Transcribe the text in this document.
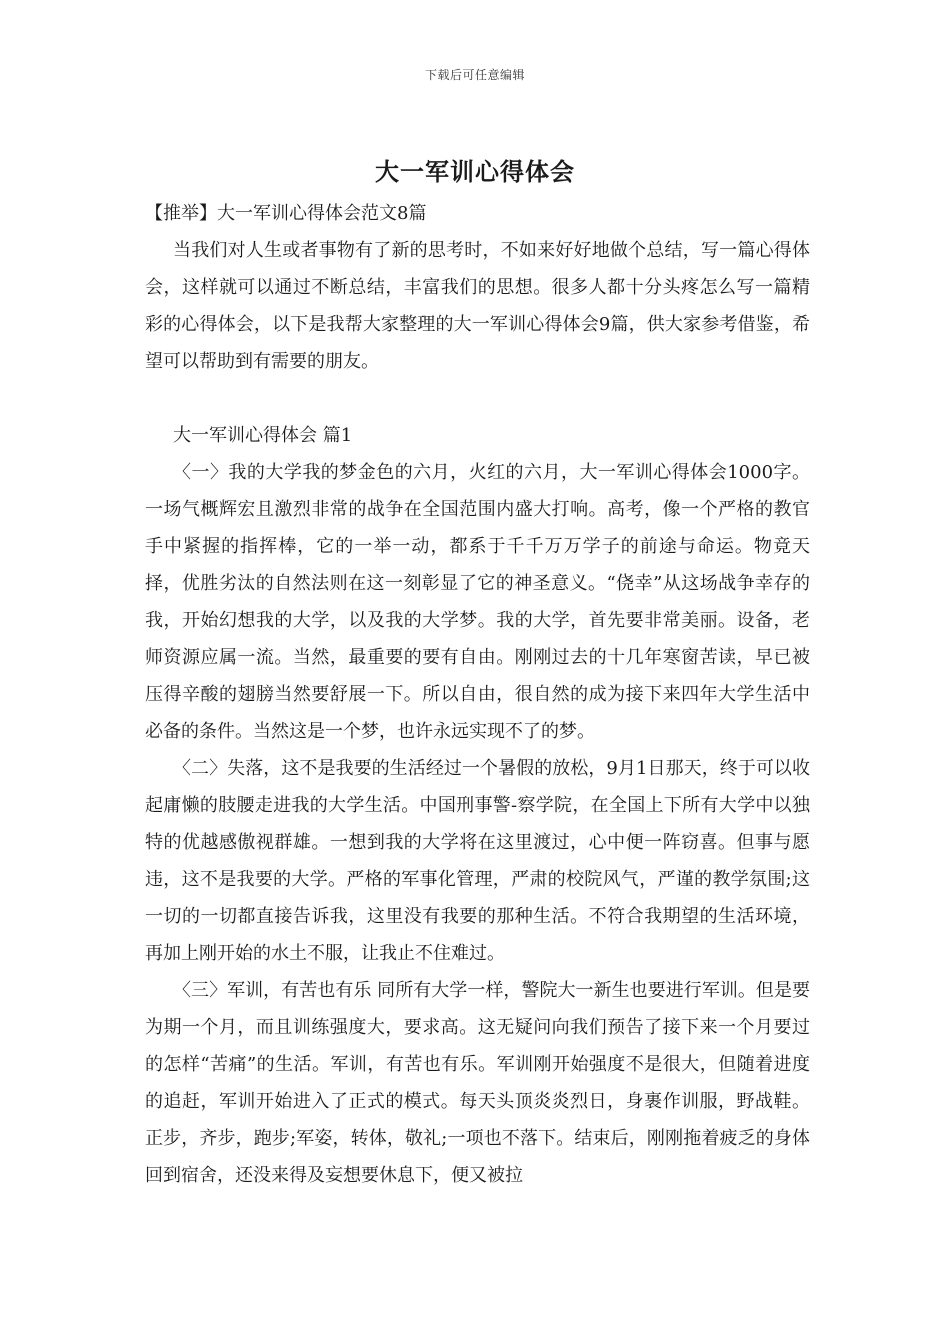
下载后可任意编辑
大一军训心得体会

【推举】大一军训心得体会范文8篇

当我们对人生或者事物有了新的思考时，不如来好好地做个总结，写一篇心得体会，这样就可以通过不断总结，丰富我们的思想。很多人都十分头疼怎么写一篇精彩的心得体会，以下是我帮大家整理的大一军训心得体会9篇，供大家参考借鉴，希望可以帮助到有需要的朋友。

大一军训心得体会 篇1

〈一〉我的大学我的梦金色的六月，火红的六月，大一军训心得体会1000字。一场气概辉宏且激烈非常的战争在全国范围内盛大打响。高考，像一个严格的教官手中紧握的指挥棒，它的一举一动，都系于千千万万学子的前途与命运。物竟天择，优胜劣汰的自然法则在这一刻彰显了它的神圣意义。“侥幸”从这场战争幸存的我，开始幻想我的大学，以及我的大学梦。我的大学，首先要非常美丽。设备，老师资源应属一流。当然，最重要的要有自由。刚刚过去的十几年寒窗苦读，早已被压得辛酸的翅膀当然要舒展一下。所以自由，很自然的成为接下来四年大学生活中必备的条件。当然这是一个梦，也许永远实现不了的梦。

〈二〉失落，这不是我要的生活经过一个暑假的放松，9月1日那天，终于可以收起庸懒的肢腰走进我的大学生活。中国刑事警-察学院，在全国上下所有大学中以独特的优越感傲视群雄。一想到我的大学将在这里渡过，心中便一阵窃喜。但事与愿违，这不是我要的大学。严格的军事化管理，严肃的校院风气，严谨的教学氛围;这一切的一切都直接告诉我，这里没有我要的那种生活。不符合我期望的生活环境，再加上刚开始的水土不服，让我止不住难过。

〈三〉军训，有苦也有乐 同所有大学一样，警院大一新生也要进行军训。但是要为期一个月，而且训练强度大，要求高。这无疑问向我们预告了接下来一个月要过的怎样“苦痛”的生活。军训，有苦也有乐。军训刚开始强度不是很大，但随着进度的追赶，军训开始进入了正式的模式。每天头顶炎炎烈日，身裹作训服，野战鞋。正步，齐步，跑步;军姿，转体，敬礼;一项也不落下。结束后，刚刚拖着疲乏的身体回到宿舍，还没来得及妄想要休息下，便又被拉
